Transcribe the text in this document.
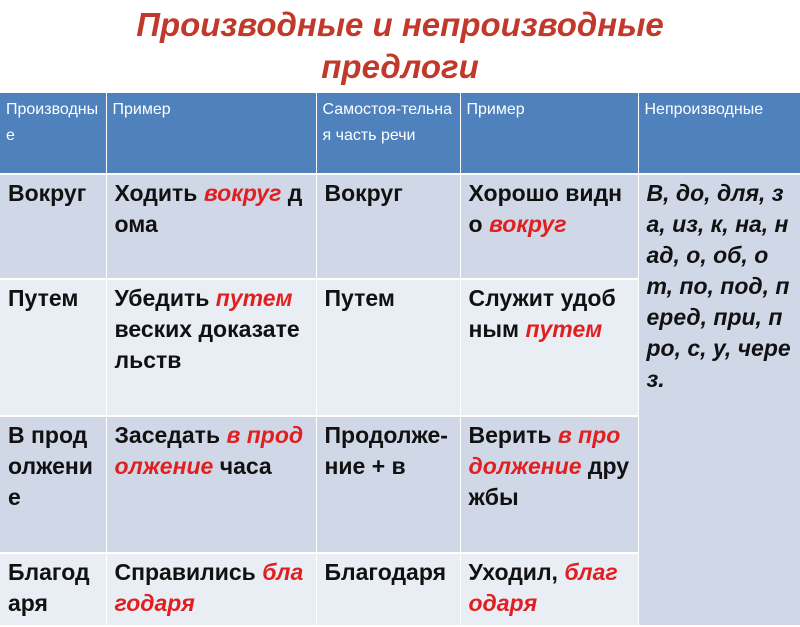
Производные и непроизводные
предлоги
Производные	Пример	Самостоя-тельная часть речи	Пример	Непроизводные
Вокруг	Ходить вокруг дома	Вокруг	Хорошо видно вокруг	В, до, для, за, из, к, на, над, о, об, от, по, под, перед, при, про, с, у, через.
Путем	Убедить путем веских доказательств	Путем	Служит удобным путем	
В продолжение	Заседать в продолжение часа	Продолже- ние + в	Верить в продолжение дружбы	
Благодаря	Справились благодаря	Благодаря	Уходил, благодаря	
